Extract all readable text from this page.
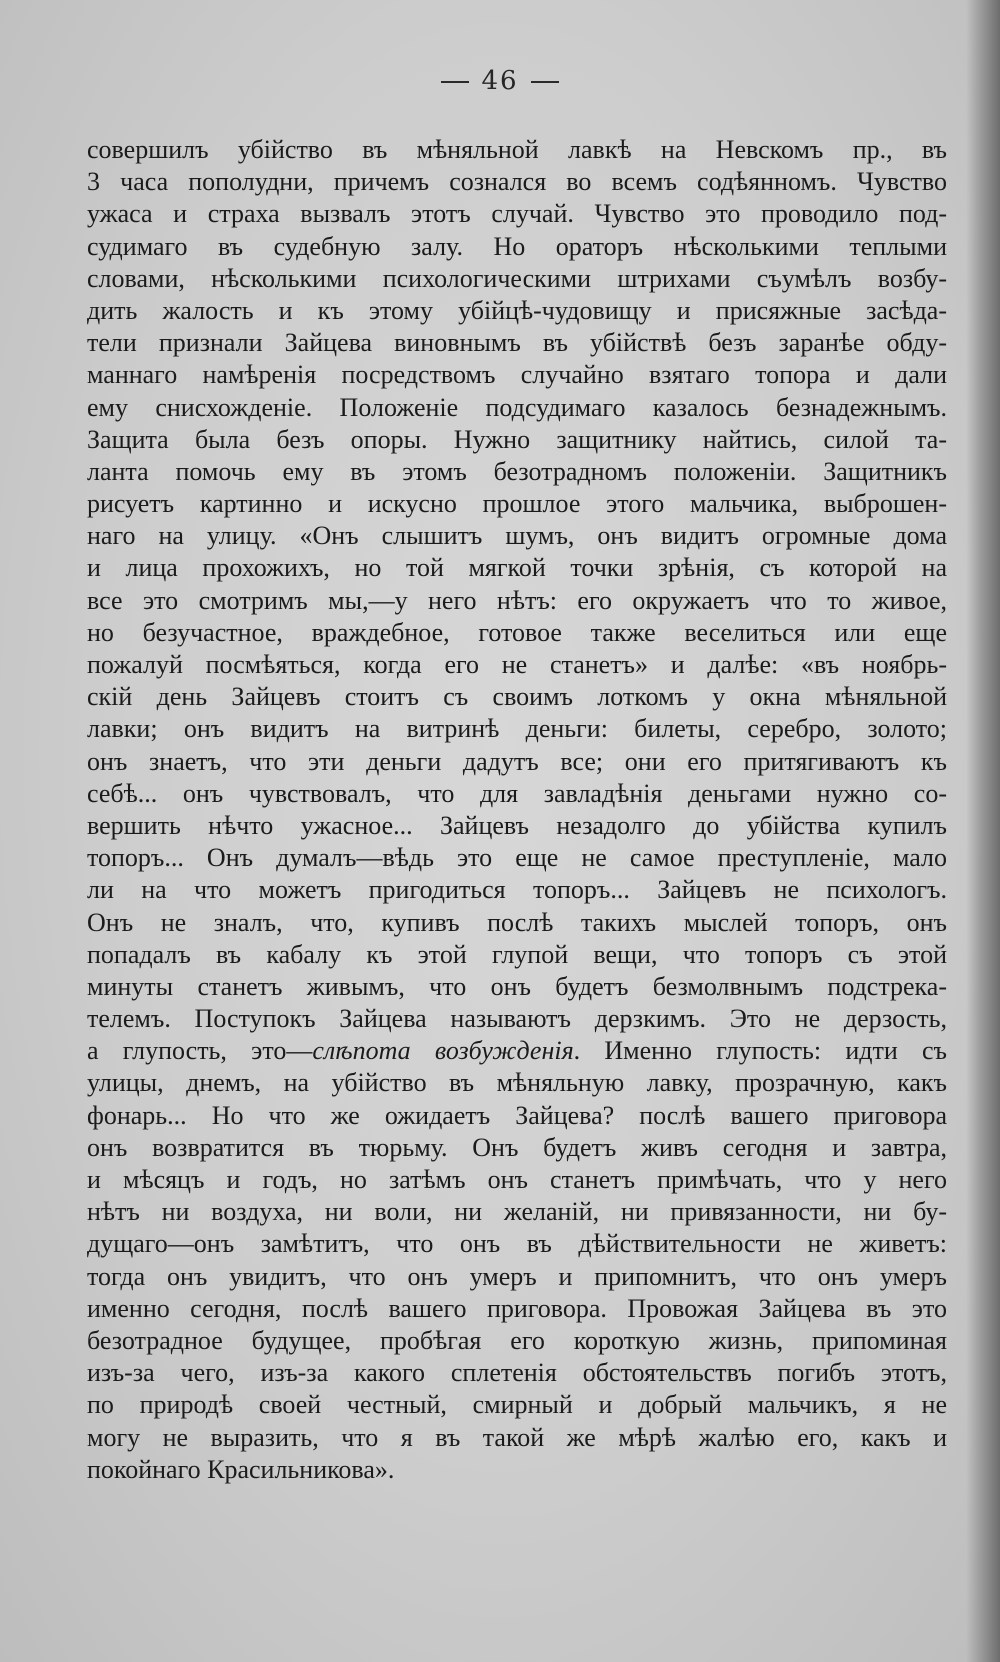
46
совершилъ убійство въ мѣняльной лавкѣ на Невскомъ пр., въ
3 часа пополудни, причемъ сознался во всемъ содѣянномъ. Чувство
ужаса и страха вызвалъ этотъ случай. Чувство это проводило под-
судимаго въ судебную залу. Но ораторъ нѣсколькими теплыми
словами, нѣсколькими психологическими штрихами съумѣлъ возбу-
дить жалость и къ этому убійцѣ-чудовищу и присяжные засѣда-
тели признали Зайцева виновнымъ въ убійствѣ безъ заранѣе обду-
маннаго намѣренія посредствомъ случайно взятаго топора и дали
ему снисхожденіе. Положеніе подсудимаго казалось безнадежнымъ.
Защита была безъ опоры. Нужно защитнику найтись, силой та-
ланта помочь ему въ этомъ безотрадномъ положеніи. Защитникъ
рисуетъ картинно и искусно прошлое этого мальчика, выброшен-
наго на улицу. «Онъ слышитъ шумъ, онъ видитъ огромные дома
и лица прохожихъ, но той мягкой точки зрѣнія, съ которой на
все это смотримъ мы,—у него нѣтъ: его окружаетъ что то живое,
но безучастное, враждебное, готовое также веселиться или еще
пожалуй посмѣяться, когда его не станетъ» и далѣе: «въ ноябрь-
скій день Зайцевъ стоитъ съ своимъ лоткомъ у окна мѣняльной
лавки; онъ видитъ на витринѣ деньги: билеты, серебро, золото;
онъ знаетъ, что эти деньги дадутъ все; они его притягиваютъ къ
себѣ... онъ чувствовалъ, что для завладѣнія деньгами нужно со-
вершить нѣчто ужасное... Зайцевъ незадолго до убійства купилъ
топоръ... Онъ думалъ—вѣдь это еще не самое преступленіе, мало
ли на что можетъ пригодиться топоръ... Зайцевъ не психологъ.
Онъ не зналъ, что, купивъ послѣ такихъ мыслей топоръ, онъ
попадалъ въ кабалу къ этой глупой вещи, что топоръ съ этой
минуты станетъ живымъ, что онъ будетъ безмолвнымъ подстрека-
телемъ. Поступокъ Зайцева называютъ дерзкимъ. Это не дерзость,
а глупость, это—слѣпота возбужденія. Именно глупость: идти съ
улицы, днемъ, на убійство въ мѣняльную лавку, прозрачную, какъ
фонарь... Но что же ожидаетъ Зайцева? послѣ вашего приговора
онъ возвратится въ тюрьму. Онъ будетъ живъ сегодня и завтра,
и мѣсяцъ и годъ, но затѣмъ онъ станетъ примѣчать, что у него
нѣтъ ни воздуха, ни воли, ни желаній, ни привязанности, ни бу-
дущаго—онъ замѣтитъ, что онъ въ дѣйствительности не живетъ:
тогда онъ увидитъ, что онъ умеръ и припомнитъ, что онъ умеръ
именно сегодня, послѣ вашего приговора. Провожая Зайцева въ это
безотрадное будущее, пробѣгая его короткую жизнь, припоминая
изъ-за чего, изъ-за какого сплетенія обстоятельствъ погибъ этотъ,
по природѣ своей честный, смирный и добрый мальчикъ, я не
могу не выразить, что я въ такой же мѣрѣ жалѣю его, какъ и
покойнаго Красильникова».
